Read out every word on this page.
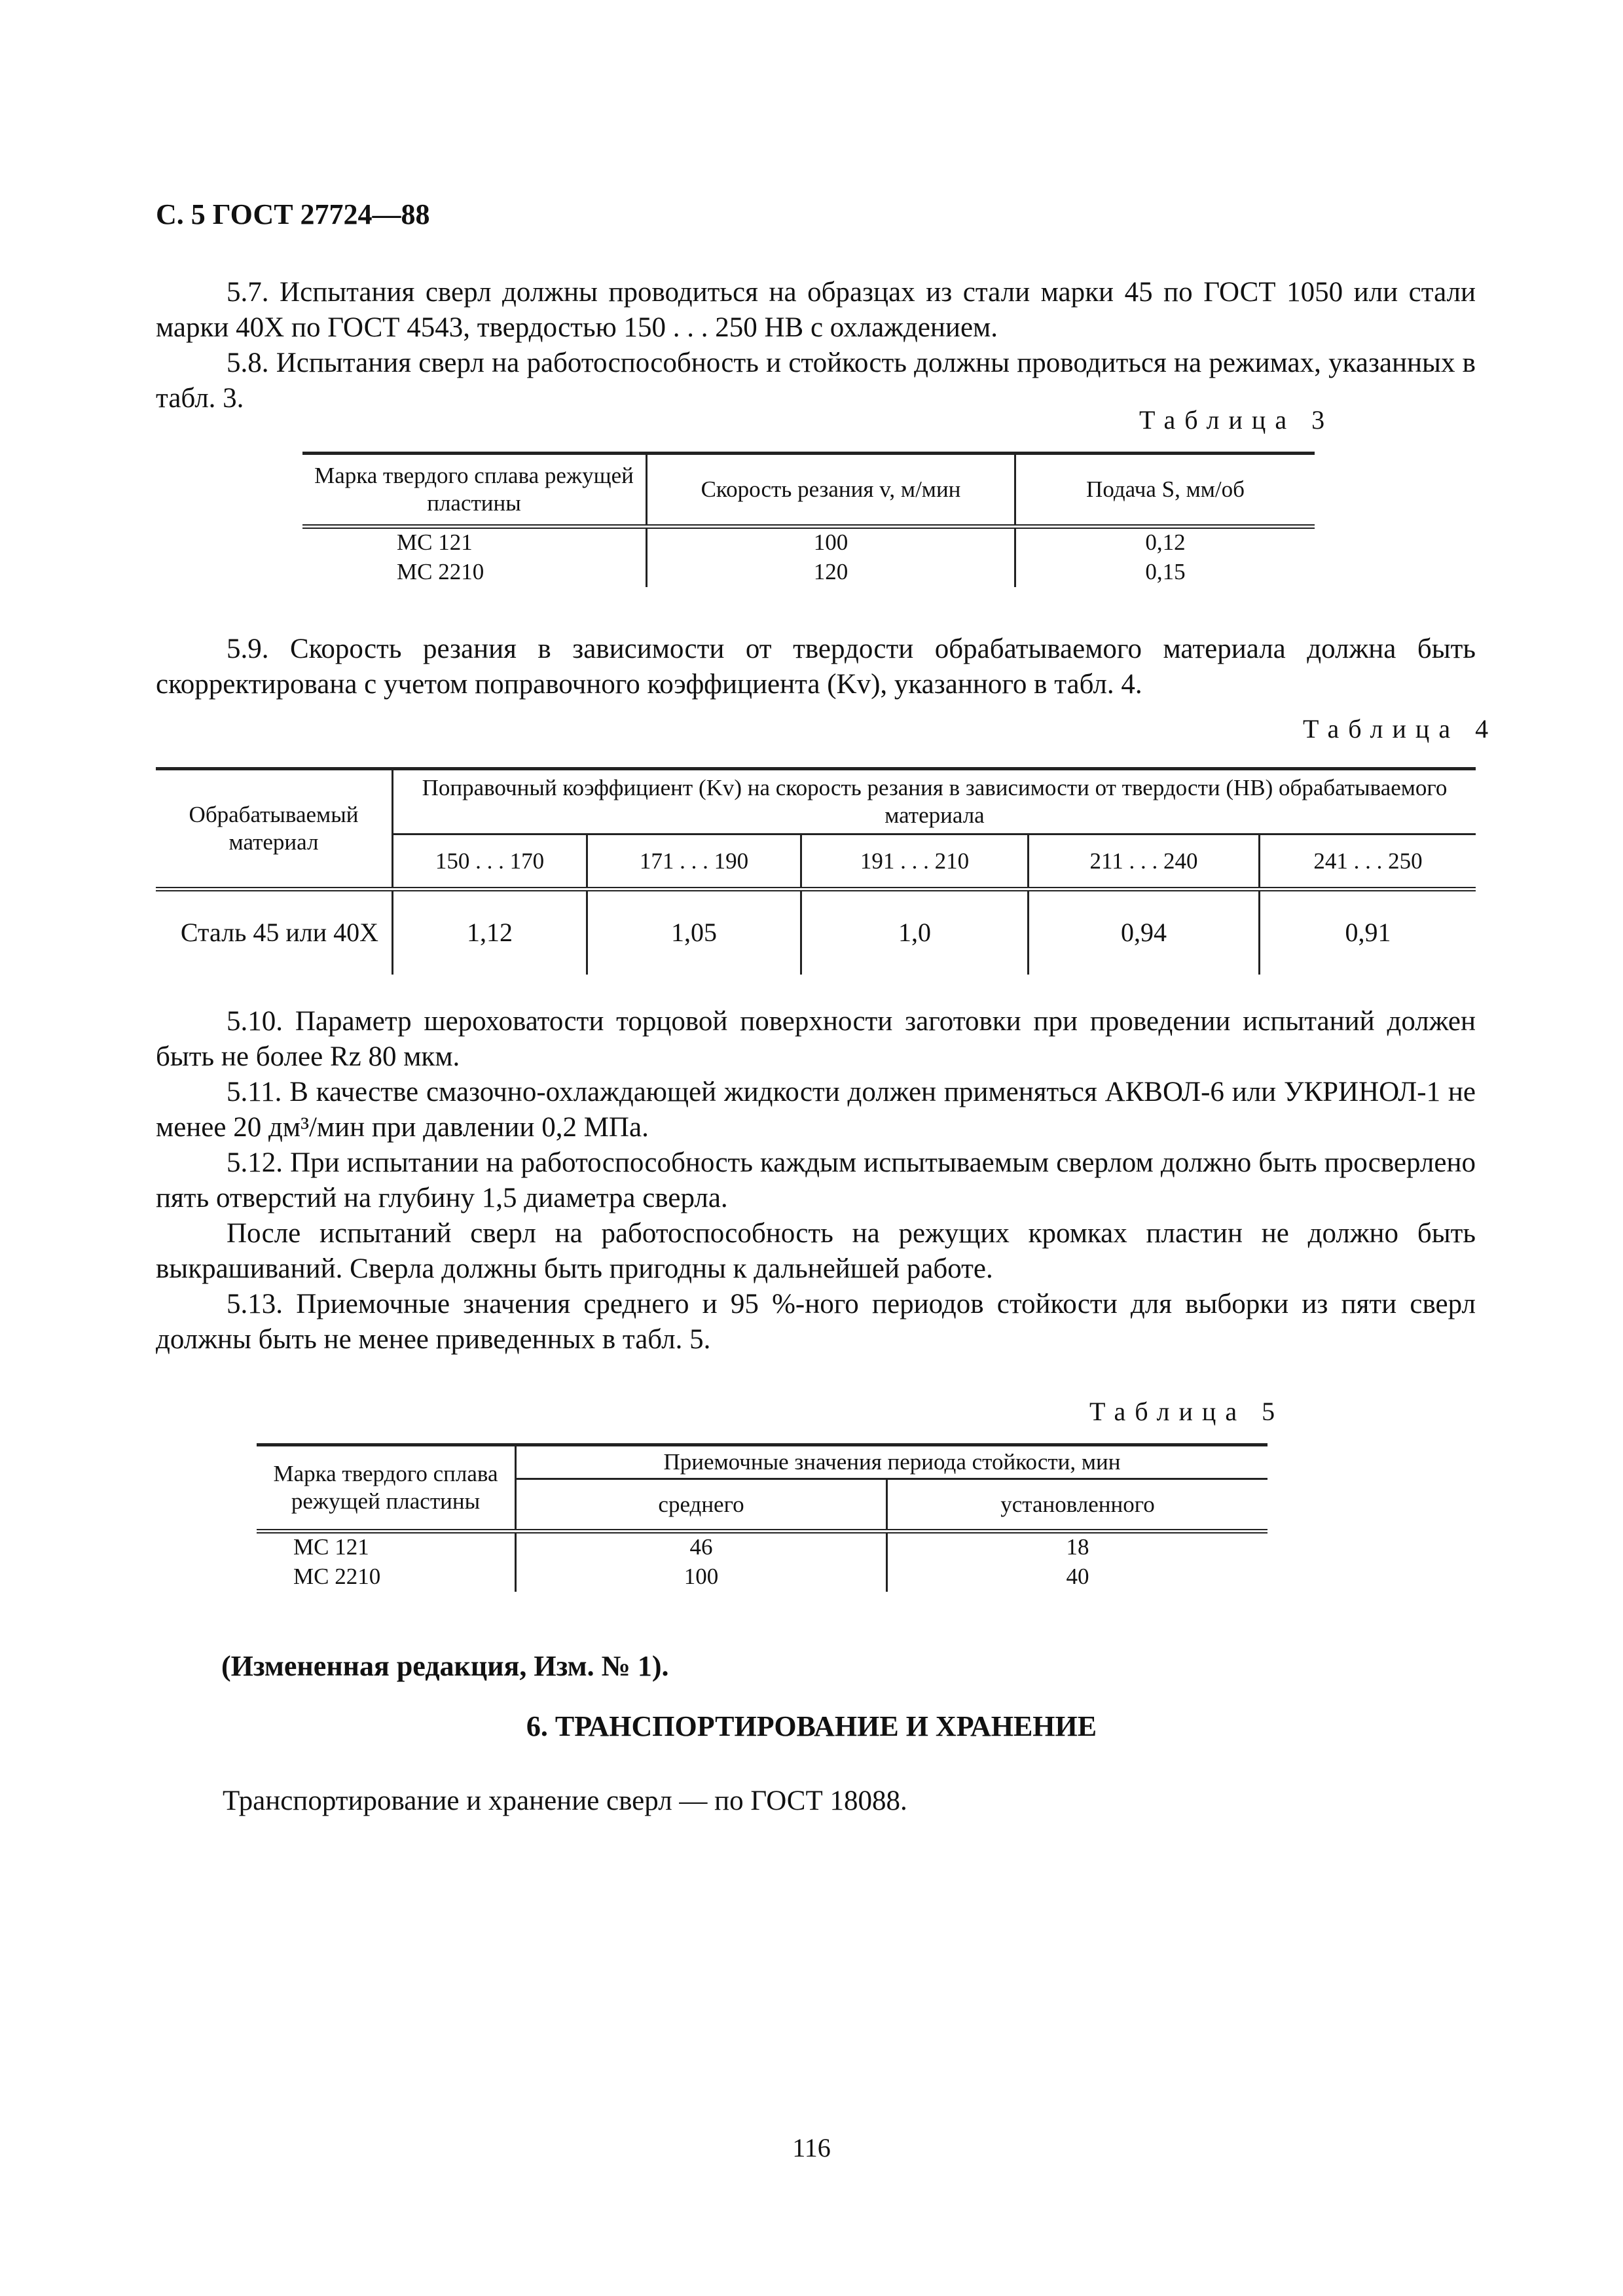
С. 5 ГОСТ 27724—88

5.7. Испытания сверл должны проводиться на образцах из стали марки 45 по ГОСТ 1050 или стали марки 40Х по ГОСТ 4543, твердостью 150 . . . 250 НВ с охлаждением.

5.8. Испытания сверл на работоспособность и стойкость должны проводиться на режимах, указанных в табл. 3.

Таблица 3
Марка твердого сплава режущей пластины	Скорость резания v, м/мин	Подача S, мм/об
МС 121	100	0,12
МС 2210	120	0,15

5.9. Скорость резания в зависимости от твердости обрабатываемого материала должна быть скорректирована с учетом поправочного коэффициента (Kv), указанного в табл. 4.

Таблица 4
Обрабатываемый материал	Поправочный коэффициент (Kv) на скорость резания в зависимости от твердости (НВ) обрабатываемого материала				
	150 . . . 170	171 . . . 190	191 . . . 210	211 . . . 240	241 . . . 250
Сталь 45 или 40Х	1,12	1,05	1,0	0,94	0,91

5.10. Параметр шероховатости торцовой поверхности заготовки при проведении испытаний должен быть не более Rz 80 мкм.

5.11. В качестве смазочно-охлаждающей жидкости должен применяться АКВОЛ-6 или УКРИНОЛ-1 не менее 20 дм³/мин при давлении 0,2 МПа.

5.12. При испытании на работоспособность каждым испытываемым сверлом должно быть просверлено пять отверстий на глубину 1,5 диаметра сверла.

После испытаний сверл на работоспособность на режущих кромках пластин не должно быть выкрашиваний. Сверла должны быть пригодны к дальнейшей работе.

5.13. Приемочные значения среднего и 95 %-ного периодов стойкости для выборки из пяти сверл должны быть не менее приведенных в табл. 5.

Таблица 5
Марка твердого сплава режущей пластины	Приемочные значения периода стойкости, мин	
	среднего	установленного
МС 121	46	18
МС 2210	100	40
(Измененная редакция, Изм. № 1).
6. ТРАНСПОРТИРОВАНИЕ И ХРАНЕНИЕ
Транспортирование и хранение сверл — по ГОСТ 18088.
116
